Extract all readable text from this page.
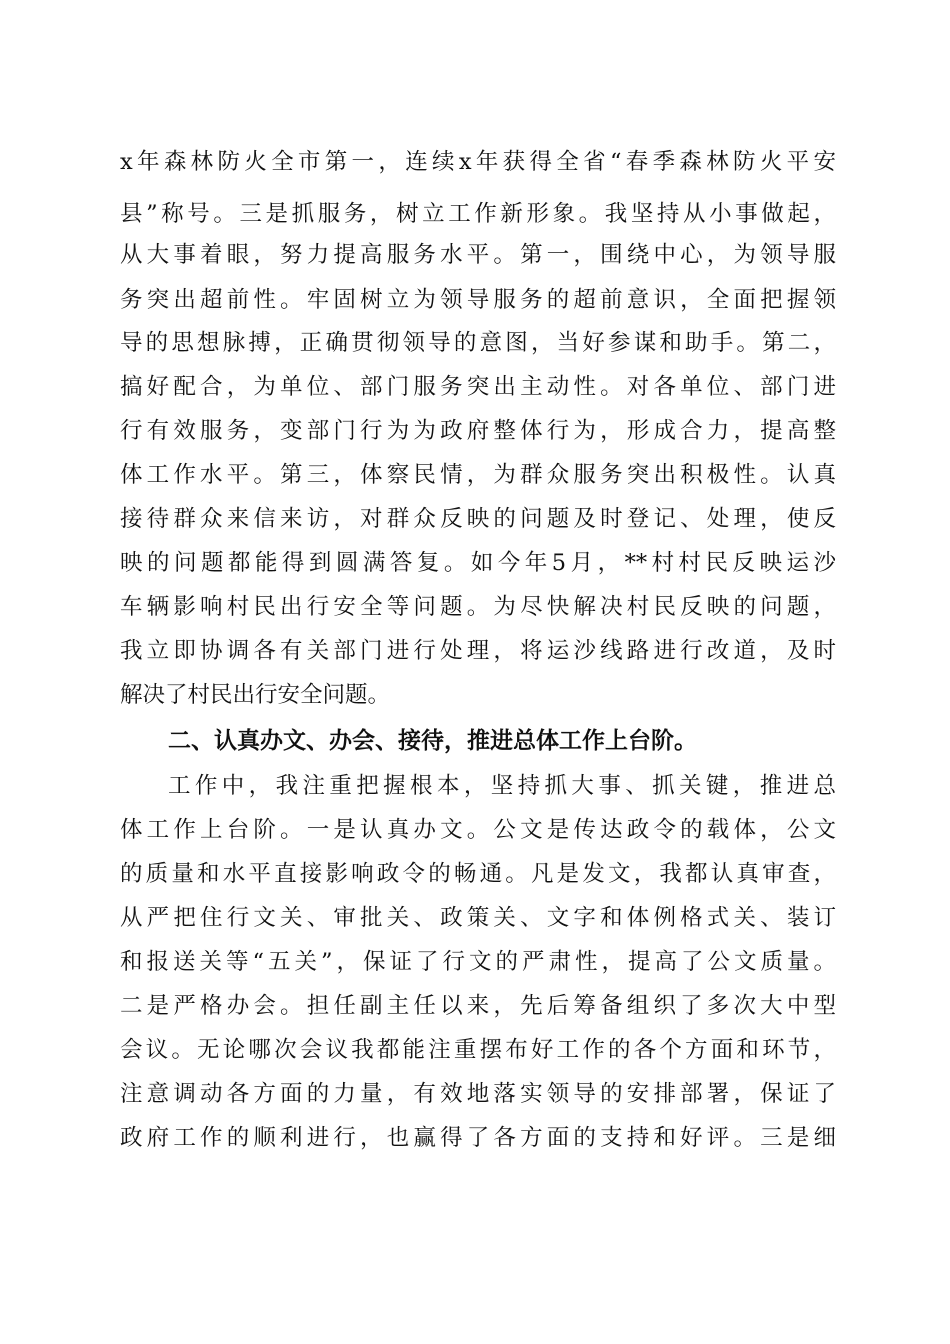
x年森林防火全市第一，连续x年获得全省“春季森林防火平安
县”称号。三是抓服务，树立工作新形象。我坚持从小事做起，
从大事着眼，努力提高服务水平。第一，围绕中心，为领导服
务突出超前性。牢固树立为领导服务的超前意识，全面把握领
导的思想脉搏，正确贯彻领导的意图，当好参谋和助手。第二，
搞好配合，为单位、部门服务突出主动性。对各单位、部门进
行有效服务，变部门行为为政府整体行为，形成合力，提高整
体工作水平。第三，体察民情，为群众服务突出积极性。认真
接待群众来信来访，对群众反映的问题及时登记、处理，使反
映的问题都能得到圆满答复。如今年5月，**村村民反映运沙
车辆影响村民出行安全等问题。为尽快解决村民反映的问题，
我立即协调各有关部门进行处理，将运沙线路进行改道，及时
解决了村民出行安全问题。
二、认真办文、办会、接待，推进总体工作上台阶。
工作中，我注重把握根本，坚持抓大事、抓关键，推进总
体工作上台阶。一是认真办文。公文是传达政令的载体，公文
的质量和水平直接影响政令的畅通。凡是发文，我都认真审查，
从严把住行文关、审批关、政策关、文字和体例格式关、装订
和报送关等“五关”，保证了行文的严肃性，提高了公文质量。
二是严格办会。担任副主任以来，先后筹备组织了多次大中型
会议。无论哪次会议我都能注重摆布好工作的各个方面和环节，
注意调动各方面的力量，有效地落实领导的安排部署，保证了
政府工作的顺利进行，也赢得了各方面的支持和好评。三是细
